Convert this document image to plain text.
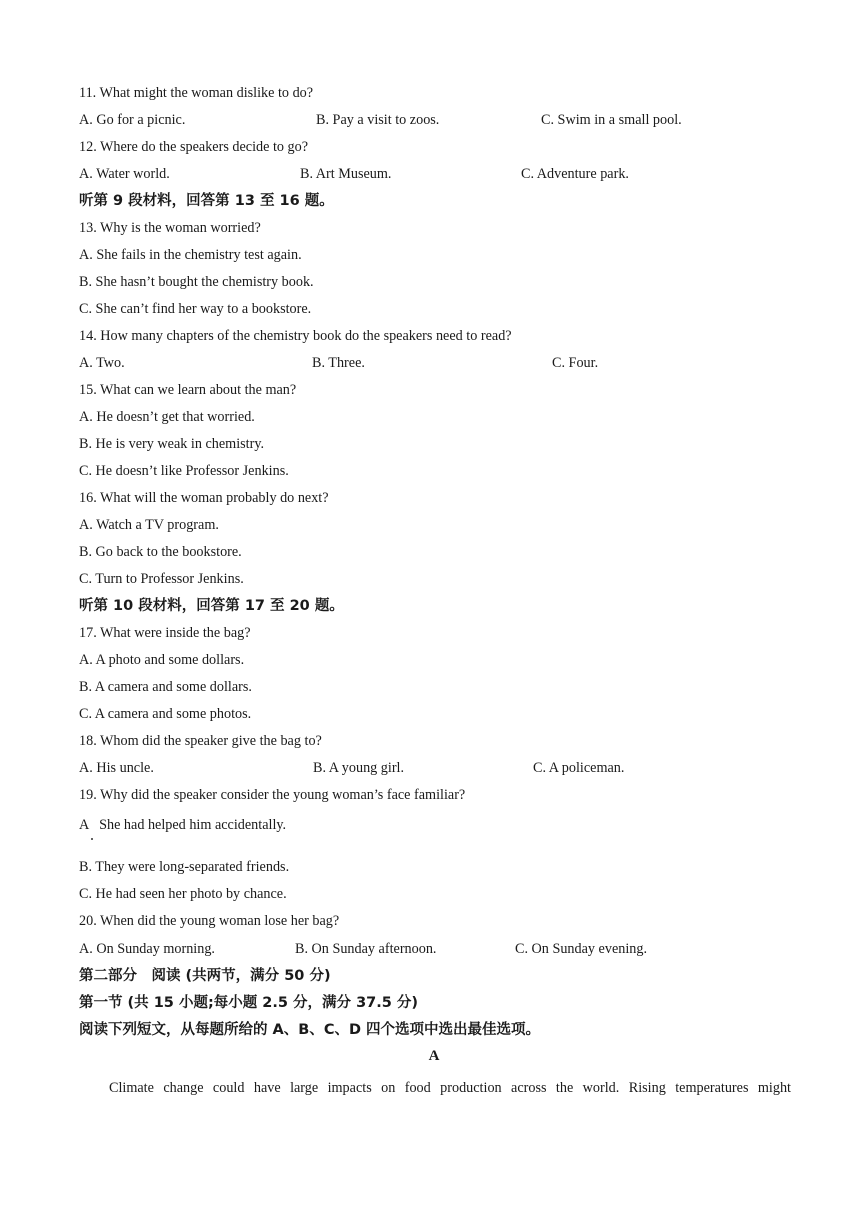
11. What might the woman dislike to do?
A. Go for a picnic.	B. Pay a visit to zoos.	C. Swim in a small pool.
12. Where do the speakers decide to go?
A. Water world.	B. Art Museum.	C. Adventure park.
听第 9 段材料，回答第 13 至 16 题。
13. Why is the woman worried?
A. She fails in the chemistry test again.
B. She hasn’t bought the chemistry book.
C. She can’t find her way to a bookstore.
14. How many chapters of the chemistry book do the speakers need to read?
A. Two.	B. Three.	C. Four.
15. What can we learn about the man?
A. He doesn’t get that worried.
B. He is very weak in chemistry.
C. He doesn’t like Professor Jenkins.
16. What will the woman probably do next?
A. Watch a TV program.
B. Go back to the bookstore.
C. Turn to Professor Jenkins.
听第 10 段材料，回答第 17 至 20 题。
17. What were inside the bag?
A. A photo and some dollars.
B. A camera and some dollars.
C. A camera and some photos.
18. Whom did the speaker give the bag to?
A. His uncle.	B. A young girl.	C. A policeman.
19. Why did the speaker consider the young woman’s face familiar?
A   She had helped him accidentally.
B. They were long-separated friends.
C. He had seen her photo by chance.
20. When did the young woman lose her bag?
A. On Sunday morning.	B. On Sunday afternoon.	C. On Sunday evening.
第二部分　阅读 (共两节，满分 50 分)
第一节 (共 15 小题;每小题 2.5 分，满分 37.5 分)
阅读下列短文，从每题所给的 A、B、C、D 四个选项中选出最佳选项。
A
Climate change could have large impacts on food production across the world. Rising temperatures might
